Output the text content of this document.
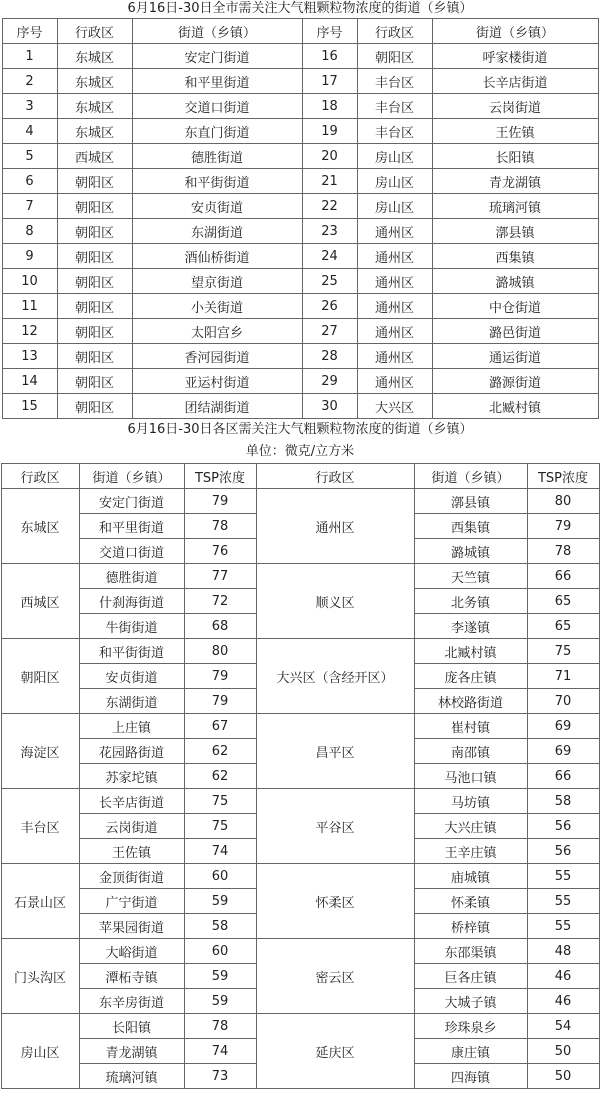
6月16日-30日全市需关注大气粗颗粒物浓度的街道（乡镇）
序号	行政区	街道（乡镇）	序号	行政区	街道（乡镇）
1	东城区	安定门街道	16	朝阳区	呼家楼街道
2	东城区	和平里街道	17	丰台区	长辛店街道
3	东城区	交道口街道	18	丰台区	云岗街道
4	东城区	东直门街道	19	丰台区	王佐镇
5	西城区	德胜街道	20	房山区	长阳镇
6	朝阳区	和平街街道	21	房山区	青龙湖镇
7	朝阳区	安贞街道	22	房山区	琉璃河镇
8	朝阳区	东湖街道	23	通州区	漷县镇
9	朝阳区	酒仙桥街道	24	通州区	西集镇
10	朝阳区	望京街道	25	通州区	潞城镇
11	朝阳区	小关街道	26	通州区	中仓街道
12	朝阳区	太阳宫乡	27	通州区	潞邑街道
13	朝阳区	香河园街道	28	通州区	通运街道
14	朝阳区	亚运村街道	29	通州区	潞源街道
15	朝阳区	团结湖街道	30	大兴区	北臧村镇
6月16日-30日各区需关注大气粗颗粒物浓度的街道（乡镇）
单位：微克/立方米
行政区	街道（乡镇）	TSP浓度	行政区	街道（乡镇）	TSP浓度
东城区	安定门街道	79	通州区	漷县镇	80
	和平里街道	78		西集镇	79
	交道口街道	76		潞城镇	78
西城区	德胜街道	77	顺义区	天竺镇	66
	什刹海街道	72		北务镇	65
	牛街街道	68		李遂镇	65
朝阳区	和平街街道	80	大兴区（含经开区）	北臧村镇	75
	安贞街道	79		庞各庄镇	71
	东湖街道	79		林校路街道	70
海淀区	上庄镇	67	昌平区	崔村镇	69
	花园路街道	62		南邵镇	69
	苏家坨镇	62		马池口镇	66
丰台区	长辛店街道	75	平谷区	马坊镇	58
	云岗街道	75		大兴庄镇	56
	王佐镇	74		王辛庄镇	56
石景山区	金顶街街道	60	怀柔区	庙城镇	55
	广宁街道	59		怀柔镇	55
	苹果园街道	58		桥梓镇	55
门头沟区	大峪街道	60	密云区	东邵渠镇	48
	潭柘寺镇	59		巨各庄镇	46
	东辛房街道	59		大城子镇	46
房山区	长阳镇	78	延庆区	珍珠泉乡	54
	青龙湖镇	74		康庄镇	50
	琉璃河镇	73		四海镇	50
